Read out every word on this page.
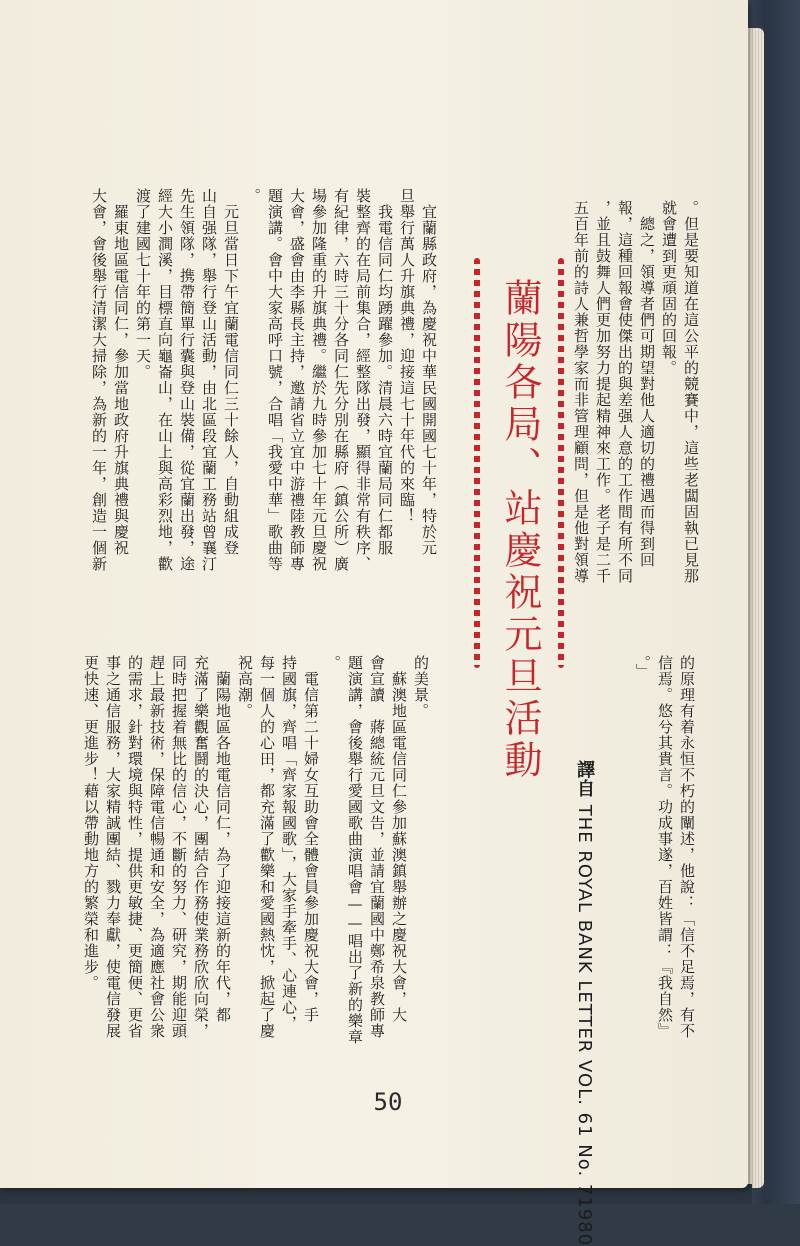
。但是要知道在這公平的競賽中，這些老闆固執已見那
就會遭到更頑固的回報。
　總之，領導者們可期望對他人適切的禮遇而得到回
報，這種回報會使傑出的與差强人意的工作間有所不同
，並且鼓舞人們更加努力提起精神來工作。老子是二千
五百年前的詩人兼哲學家而非管理顧問，但是他對領導
蘭陽各局、站慶祝元旦活動
　宜蘭縣政府，為慶祝中華民國開國七十年，特於元
旦舉行萬人升旗典禮，迎接這七十年代的來臨！
　我電信同仁均踴躍參加。清晨六時宜蘭局同仁都服
裝整齊的在局前集合，經整隊出發，顯得非常有秩序、
有紀律，六時三十分各同仁先分別在縣府（鎮公所）廣
場參加隆重的升旗典禮。繼於九時參加七十年元旦慶祝
大會，盛會由李縣長主持，邀請省立宜中游禮陸教師專
題演講。會中大家高呼口號，合唱「我愛中華」歌曲等
。
　元旦當日下午宜蘭電信同仁三十餘人，自動組成登
山自强隊，舉行登山活動，由北區段宜蘭工務站曾襄汀
先生領隊，携帶簡單行囊與登山裝備，從宜蘭出發，途
經大小澗溪，目標直向龜崙山，在山上與高彩烈地，歡
渡了建國七十年的第一天。
　羅東地區電信同仁，參加當地政府升旗典禮與慶祝
大會，會後舉行清潔大掃除，為新的一年，創造一個新
的原理有着永恒不朽的闡述，他說：「信不足焉，有不
信焉。悠兮其貴言。功成事遂，百姓皆謂：『我自然』
。」
譯自 THE ROYAL BANK LETTER VOL. 61 No. 71980
的美景。
　蘇澳地區電信同仁參加蘇澳鎮舉辦之慶祝大會，大
會宣讀　蔣總統元旦文告，並請宜蘭國中鄭希泉教師專
題演講，會後舉行愛國歌曲演唱會——唱出了新的樂章
。
　電信第二十婦女互助會全體會員參加慶祝大會，手
持國旗，齊唱「齊家報國歌」，大家手牽手、心連心，
每一個人的心田，都充滿了歡樂和愛國熱忱，掀起了慶
祝高潮。
　蘭陽地區各地電信同仁，為了迎接這新的年代，都
充滿了樂觀奮鬪的決心，團結合作務使業務欣欣向榮，
同時把握着無比的信心，不斷的努力、研究，期能迎頭
趕上最新技術，保障電信暢通和安全，為適應社會公衆
的需求，針對環境與特性，提供更敏捷、更簡便、更省
事之通信服務，大家精誠團結、戮力奉獻，使電信發展
更快速、更進步！藉以帶動地方的繁榮和進步。
50
